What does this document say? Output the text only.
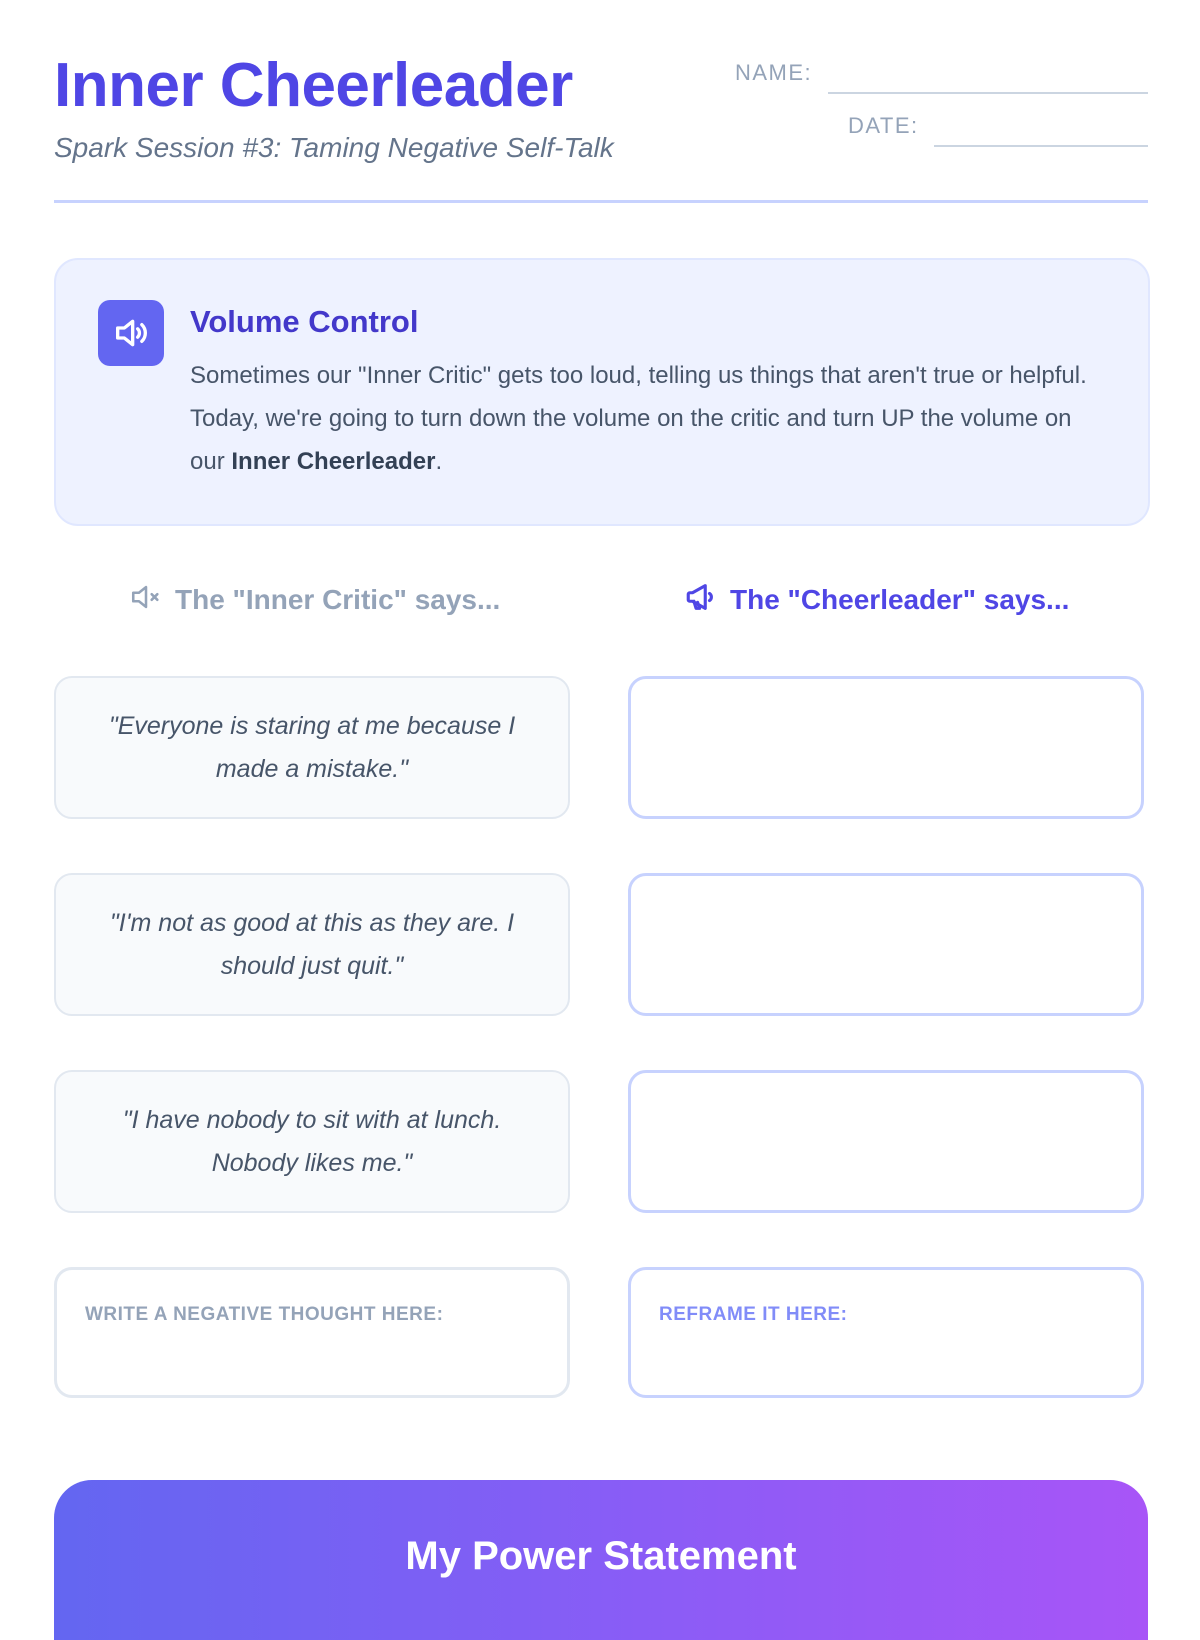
Inner Cheerleader
Spark Session #3: Taming Negative Self-Talk
NAME:
DATE:
Volume Control
Sometimes our "Inner Critic" gets too loud, telling us things that aren't true or helpful. Today, we're going to turn down the volume on the critic and turn UP the volume on our Inner Cheerleader.
The "Inner Critic" says...	The "Cheerleader" says...
"Everyone is staring at me because I made a mistake."
"I'm not as good at this as they are. I should just quit."
"I have nobody to sit with at lunch. Nobody likes me."
WRITE A NEGATIVE THOUGHT HERE:	REFRAME IT HERE:
My Power Statement
